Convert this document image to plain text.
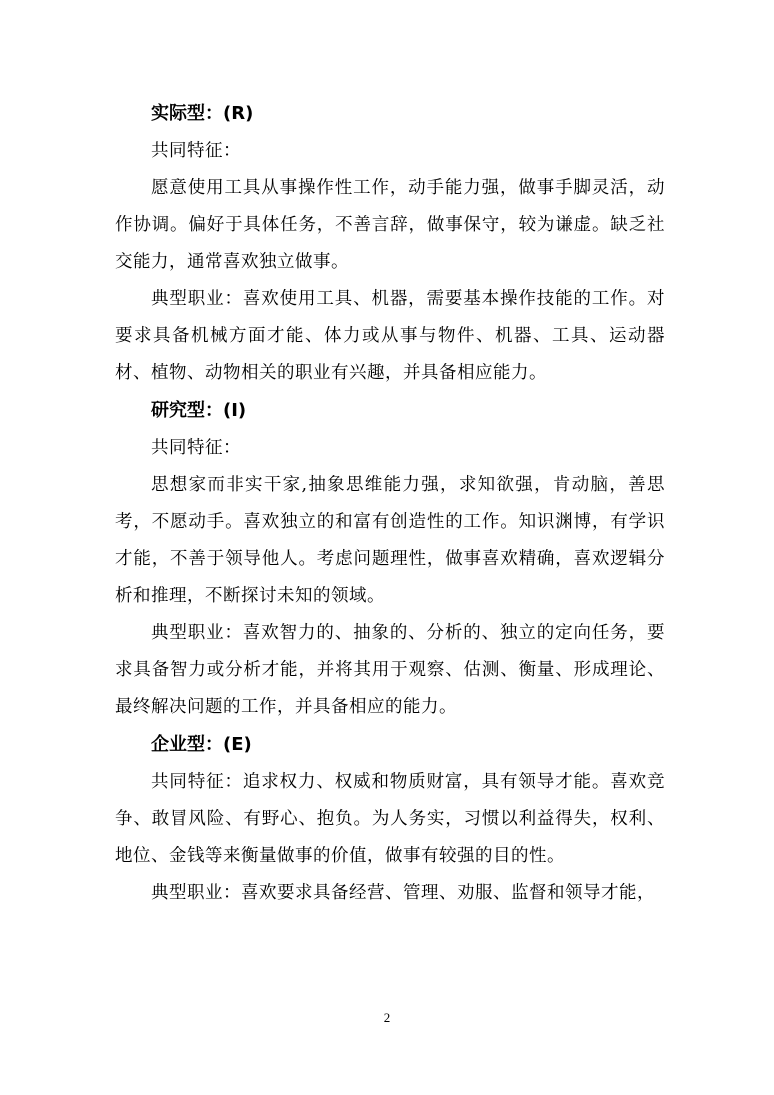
实际型：(R)

共同特征：

愿意使用工具从事操作性工作，动手能力强，做事手脚灵活，动作协调。偏好于具体任务，不善言辞，做事保守，较为谦虚。缺乏社交能力，通常喜欢独立做事。

典型职业：喜欢使用工具、机器，需要基本操作技能的工作。对要求具备机械方面才能、体力或从事与物件、机器、工具、运动器材、植物、动物相关的职业有兴趣，并具备相应能力。

研究型：(I)

共同特征：

思想家而非实干家,抽象思维能力强，求知欲强，肯动脑，善思考，不愿动手。喜欢独立的和富有创造性的工作。知识渊博，有学识才能，不善于领导他人。考虑问题理性，做事喜欢精确，喜欢逻辑分析和推理，不断探讨未知的领域。

典型职业：喜欢智力的、抽象的、分析的、独立的定向任务，要求具备智力或分析才能，并将其用于观察、估测、衡量、形成理论、最终解决问题的工作，并具备相应的能力。

企业型：(E)

共同特征：追求权力、权威和物质财富，具有领导才能。喜欢竞争、敢冒风险、有野心、抱负。为人务实，习惯以利益得失，权利、地位、金钱等来衡量做事的价值，做事有较强的目的性。

典型职业：喜欢要求具备经营、管理、劝服、监督和领导才能，

2
